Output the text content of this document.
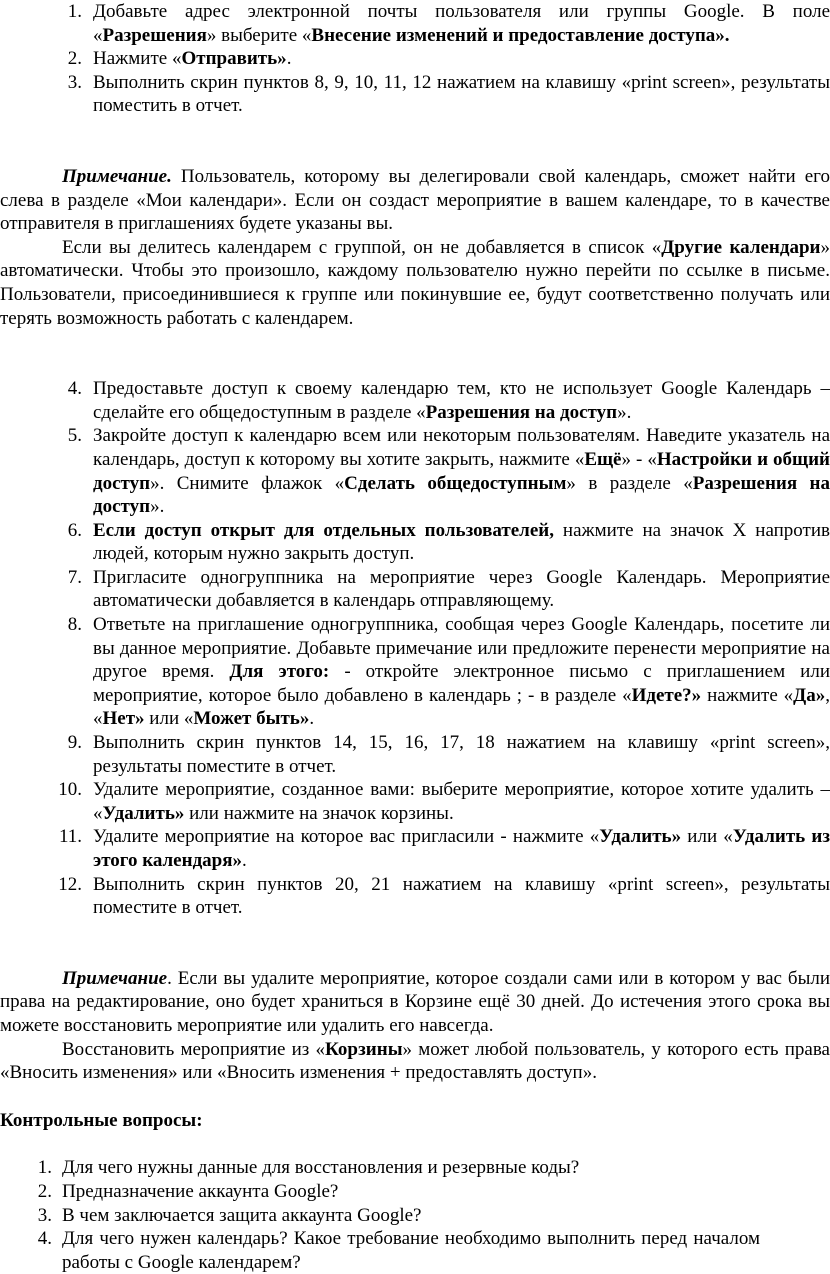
1. Добавьте адрес электронной почты пользователя или группы Google. В поле «Разрешения» выберите «Внесение изменений и предоставление доступа».
2. Нажмите «Отправить».
3. Выполнить скрин пунктов 8, 9, 10, 11, 12 нажатием на клавишу «print screen», результаты поместить в отчет.

Примечание. Пользователь, которому вы делегировали свой календарь, сможет найти его слева в разделе «Мои календари». Если он создаст мероприятие в вашем календаре, то в качестве отправителя в приглашениях будете указаны вы.

Если вы делитесь календарем с группой, он не добавляется в список «Другие календари» автоматически. Чтобы это произошло, каждому пользователю нужно перейти по ссылке в письме. Пользователи, присоединившиеся к группе или покинувшие ее, будут соответственно получать или терять возможность работать с календарем.

4. Предоставьте доступ к своему календарю тем, кто не использует Google Календарь – сделайте его общедоступным в разделе «Разрешения на доступ».
5. Закройте доступ к календарю всем или некоторым пользователям. Наведите указатель на календарь, доступ к которому вы хотите закрыть, нажмите «Ещё» - «Настройки и общий доступ». Снимите флажок «Сделать общедоступным» в разделе «Разрешения на доступ».
6. Если доступ открыт для отдельных пользователей, нажмите на значок X напротив людей, которым нужно закрыть доступ.
7. Пригласите одногруппника на мероприятие через Google Календарь. Мероприятие автоматически добавляется в календарь отправляющему.
8. Ответьте на приглашение одногруппника, сообщая через Google Календарь, посетите ли вы данное мероприятие. Добавьте примечание или предложите перенести мероприятие на другое время. Для этого: - откройте электронное письмо с приглашением или мероприятие, которое было добавлено в календарь ; - в разделе «Идете?» нажмите «Да», «Нет» или «Может быть».
9. Выполнить скрин пунктов 14, 15, 16, 17, 18 нажатием на клавишу «print screen», результаты поместите в отчет.
10. Удалите мероприятие, созданное вами: выберите мероприятие, которое хотите удалить – «Удалить» или нажмите на значок корзины.
11. Удалите мероприятие на которое вас пригласили - нажмите «Удалить» или «Удалить из этого календаря».
12. Выполнить скрин пунктов 20, 21 нажатием на клавишу «print screen», результаты поместите в отчет.

Примечание. Если вы удалите мероприятие, которое создали сами или в котором у вас были права на редактирование, оно будет храниться в Корзине ещё 30 дней. До истечения этого срока вы можете восстановить мероприятие или удалить его навсегда.

Восстановить мероприятие из «Корзины» может любой пользователь, у которого есть права «Вносить изменения» или «Вносить изменения + предоставлять доступ».

Контрольные вопросы:

1. Для чего нужны данные для восстановления и резервные коды?
2. Предназначение аккаунта Google?
3. В чем заключается защита аккаунта Google?
4. Для чего нужен календарь? Какое требование необходимо выполнить перед началом работы с Google календарем?
